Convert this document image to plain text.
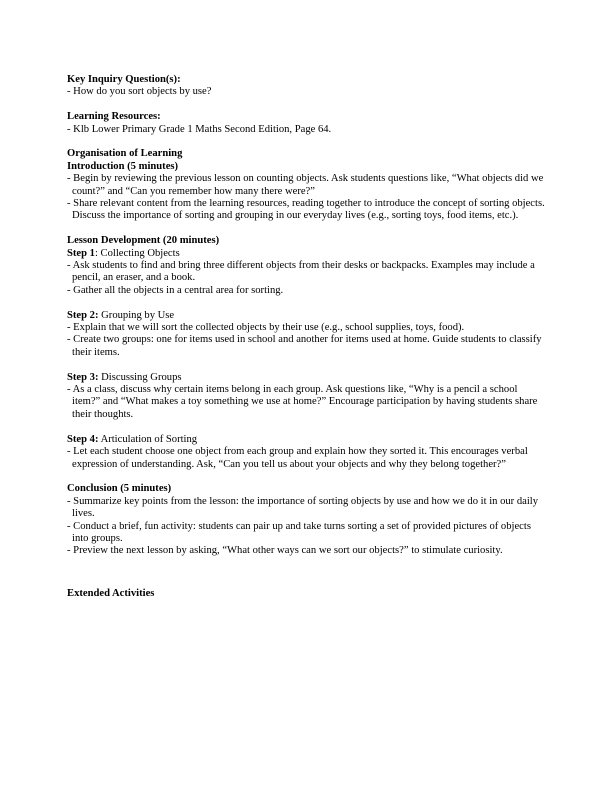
Key Inquiry Question(s):
- How do you sort objects by use?
Learning Resources:
- Klb Lower Primary Grade 1 Maths Second Edition, Page 64.
Organisation of Learning
Introduction (5 minutes)
- Begin by reviewing the previous lesson on counting objects. Ask students questions like, “What objects did we count?” and “Can you remember how many there were?”
- Share relevant content from the learning resources, reading together to introduce the concept of sorting objects. Discuss the importance of sorting and grouping in our everyday lives (e.g., sorting toys, food items, etc.).
Lesson Development (20 minutes)
Step 1: Collecting Objects
- Ask students to find and bring three different objects from their desks or backpacks. Examples may include a pencil, an eraser, and a book.
- Gather all the objects in a central area for sorting.
Step 2: Grouping by Use
- Explain that we will sort the collected objects by their use (e.g., school supplies, toys, food).
- Create two groups: one for items used in school and another for items used at home. Guide students to classify their items.
Step 3: Discussing Groups
- As a class, discuss why certain items belong in each group. Ask questions like, “Why is a pencil a school item?” and “What makes a toy something we use at home?” Encourage participation by having students share their thoughts.
Step 4: Articulation of Sorting
- Let each student choose one object from each group and explain how they sorted it. This encourages verbal expression of understanding. Ask, “Can you tell us about your objects and why they belong together?”
Conclusion (5 minutes)
- Summarize key points from the lesson: the importance of sorting objects by use and how we do it in our daily lives.
- Conduct a brief, fun activity: students can pair up and take turns sorting a set of provided pictures of objects into groups.
- Preview the next lesson by asking, “What other ways can we sort our objects?” to stimulate curiosity.
Extended Activities
